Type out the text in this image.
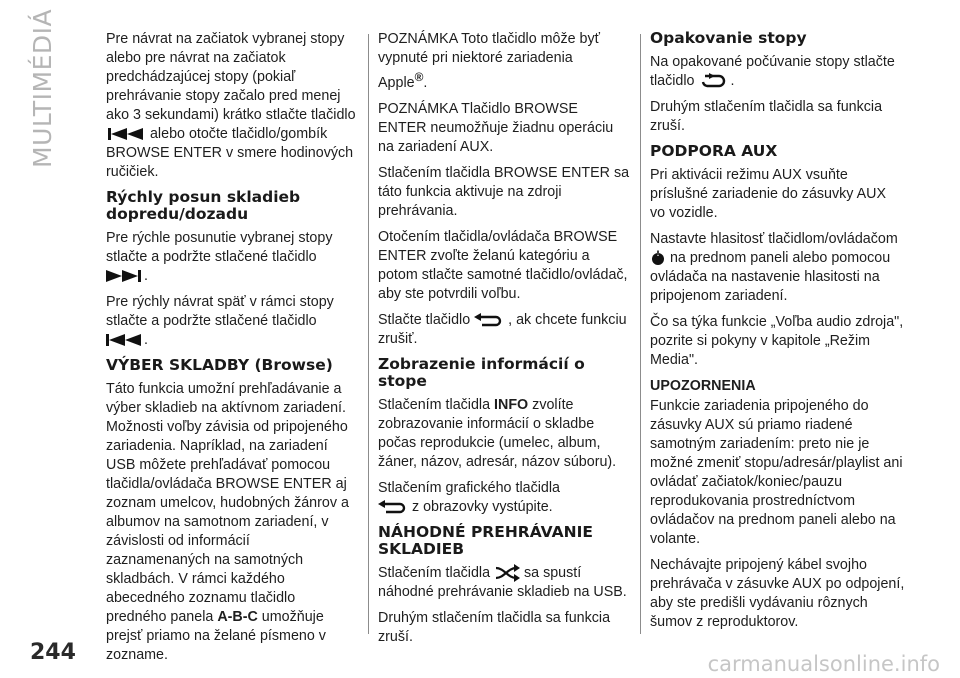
MULTIMÉDIÁ	Pre návrat na začiatok vybranej stopy alebo pre návrat na začiatok predchádzajúcej stopy (pokiaľ prehrávanie stopy začalo pred menej ako 3 sekundami) krátko stlačte tlačidlo  alebo otočte tlačidlo/gombík BROWSE ENTER v smere hodinových ručičiek.

Rýchly posun skladieb dopredu/dozadu

Pre rýchle posunutie vybranej stopy stlačte a podržte stlačené tlačidlo
.

Pre rýchly návrat späť v rámci stopy stlačte a podržte stlačené tlačidlo
.

VÝBER SKLADBY (Browse)

Táto funkcia umožní prehľadávanie a výber skladieb na aktívnom zariadení. Možnosti voľby závisia od pripojeného zariadenia. Napríklad, na zariadení USB môžete prehľadávať pomocou tlačidla/ovládača BROWSE ENTER aj zoznam umelcov, hudobných žánrov a albumov na samotnom zariadení, v závislosti od informácií zaznamenaných na samotných skladbách. V rámci každého abecedného zoznamu tlačidlo predného panela A-B-C umožňuje prejsť priamo na želané písmeno v zozname.

POZNÁMKA Toto tlačidlo môže byť vypnuté pri niektoré zariadenia
Apple®.

POZNÁMKA Tlačidlo BROWSE ENTER neumožňuje žiadnu operáciu na zariadení AUX.

Stlačením tlačidla BROWSE ENTER sa táto funkcia aktivuje na zdroji prehrávania.

Otočením tlačidla/ovládača BROWSE ENTER zvoľte želanú kategóriu a potom stlačte samotné tlačidlo/ovládač, aby ste potvrdili voľbu.

Stlačte tlačidlo	, ak chcete funkciu zrušiť.

Zobrazenie informácií o stope

Stlačením tlačidla INFO zvolíte zobrazovanie informácií o skladbe počas reprodukcie (umelec, album, žáner, názov, adresár, názov súboru).

Stlačením grafického tlačidla
z obrazovky vystúpite.

NÁHODNÉ PREHRÁVANIE SKLADIEB

Stlačením tlačidla sa spustí náhodné prehrávanie skladieb na USB.

Druhým stlačením tlačidla sa funkcia zruší.

Opakovanie stopy

Na opakované počúvanie stopy stlačte tlačidlo	.

Druhým stlačením tlačidla sa funkcia zruší.

PODPORA AUX

Pri aktivácii režimu AUX vsuňte príslušné zariadenie do zásuvky AUX vo vozidle.

Nastavte hlasitosť tlačidlom/ovládačom
na prednom paneli alebo pomocou ovládača na nastavenie hlasitosti na pripojenom zariadení.

Čo sa týka funkcie „Voľba audio zdroja", pozrite si pokyny v kapitole „Režim Media".

UPOZORNENIA

Funkcie zariadenia pripojeného do zásuvky AUX sú priamo riadené samotným zariadením: preto nie je možné zmeniť stopu/adresár/playlist ani ovládať začiatok/koniec/pauzu reprodukovania prostredníctvom ovládačov na prednom paneli alebo na volante.

Nechávajte pripojený kábel svojho prehrávača v zásuvke AUX po odpojení, aby ste predišli vydávaniu rôznych šumov z reproduktorov.

244	carmanualsonline.info
